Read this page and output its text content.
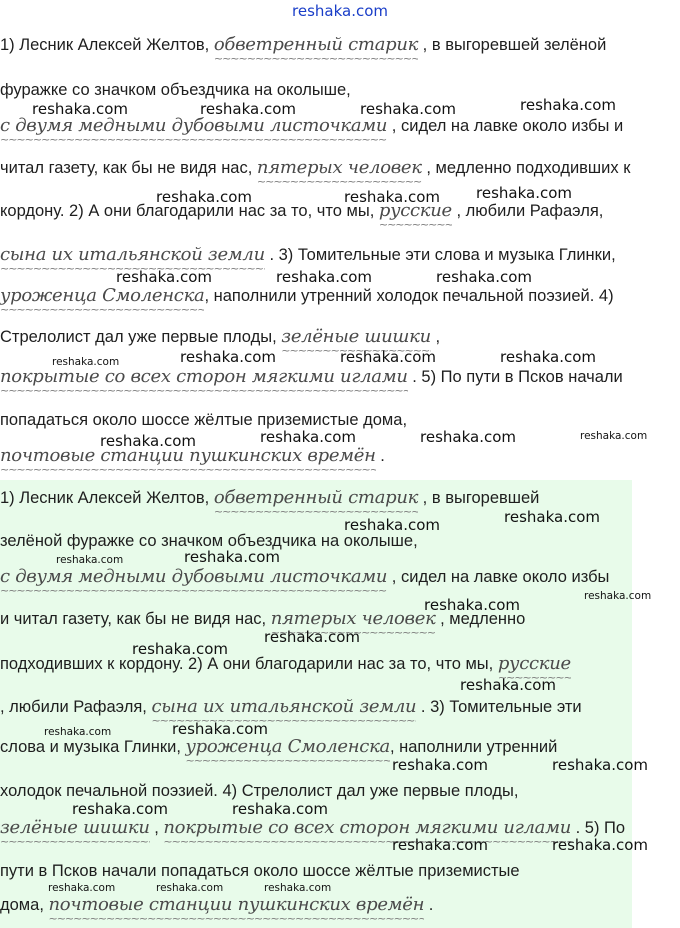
reshaka.com
1) Лесник Алексей Желтов, обветренный старик ~~~~~ , в выгоревшей зелёной
фуражке со значком объездчика на околыше,
с двумя медными дубовыми листочками ~~~~~ , сидел на лавке около избы и
читал газету, как бы не видя нас, пятерых человек ~~~~~ , медленно подходивших к
кордону. 2) А они благодарили нас за то, что мы, русские ~~~~~ , любили Рафаэля,
сына их итальянской земли ~~~~~ . 3) Томительные эти слова и музыка Глинки,
уроженца Смоленска ~~~~~, наполнили утренний холодок печальной поэзией. 4)
Стрелолист дал уже первые плоды, зелёные шишки ~~~~~ ,
покрытые со всех сторон мягкими иглами ~~~~~ . 5) По пути в Псков начали
попадаться около шоссе жёлтые приземистые дома,
почтовые станции пушкинских времён ~~~~~ .
1) Лесник Алексей Желтов, обветренный старик ~~~~~ , в выгоревшей
зелёной фуражке со значком объездчика на околыше,
с двумя медными дубовыми листочками ~~~~~ , сидел на лавке около избы
и читал газету, как бы не видя нас, пятерых человек ~~~~~ , медленно
подходивших к кордону. 2) А они благодарили нас за то, что мы, русские ~~~~~
, любили Рафаэля, сына их итальянской земли ~~~~~ . 3) Томительные эти
слова и музыка Глинки, уроженца Смоленска ~~~~~, наполнили утренний
холодок печальной поэзией. 4) Стрелолист дал уже первые плоды,
зелёные шишки ~~~~~ , покрытые со всех сторон мягкими иглами ~~~~~ . 5) По
пути в Псков начали попадаться около шоссе жёлтые приземистые
дома, почтовые станции пушкинских времён ~~~~~ .
reshaka.com	reshaka.com	reshaka.com	reshaka.com
reshaka.com	reshaka.com reshaka.com
reshaka.com	reshaka.com	reshaka.com
reshaka.com	reshaka.com	reshaka.com	reshaka.com
reshaka.com	reshaka.com	reshaka.com	reshaka.com
reshaka.com	reshaka.com
reshaka.com	reshaka.com
reshaka.com	reshaka.com
reshaka.com
reshaka.com
reshaka.com
reshaka.com	reshaka.com
reshaka.com	reshaka.com
reshaka.com	reshaka.com
reshaka.com	reshaka.com
reshaka.com	reshaka.com	reshaka.com
